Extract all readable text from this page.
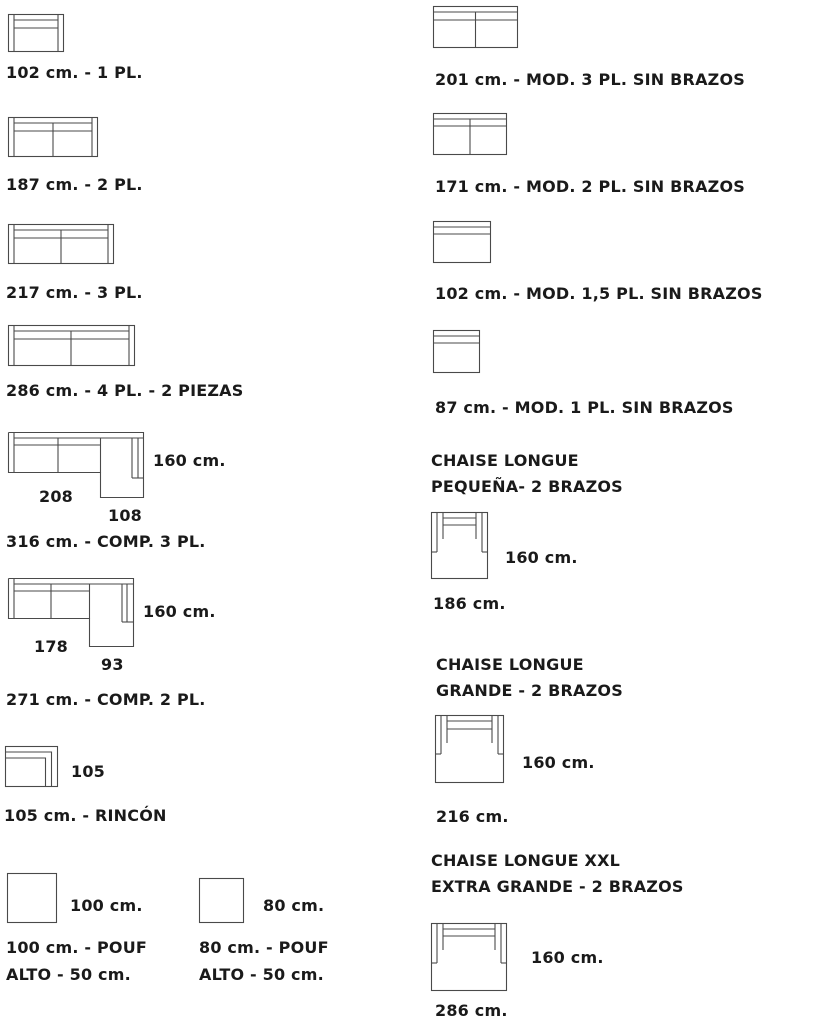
102 cm. - 1 PL.
187 cm. - 2 PL.
217 cm. - 3 PL.
286 cm. - 4 PL. - 2 PIEZAS
160 cm.
208
108
316 cm. - COMP. 3 PL.
160 cm.
178
93
271 cm. - COMP. 2 PL.
105
105 cm. - RINCÓN
100 cm.
100 cm. - POUF
ALTO - 50 cm.
80 cm.
80 cm. - POUF
ALTO - 50 cm.
201 cm. - MOD. 3 PL. SIN BRAZOS
171 cm. - MOD. 2 PL. SIN BRAZOS
102 cm. - MOD. 1,5 PL. SIN BRAZOS
87 cm. - MOD. 1 PL. SIN BRAZOS
CHAISE LONGUE
PEQUEÑA- 2 BRAZOS
160 cm.
186 cm.
CHAISE LONGUE
GRANDE - 2 BRAZOS
160 cm.
216 cm.
CHAISE LONGUE XXL
EXTRA GRANDE - 2 BRAZOS
160 cm.
286 cm.
